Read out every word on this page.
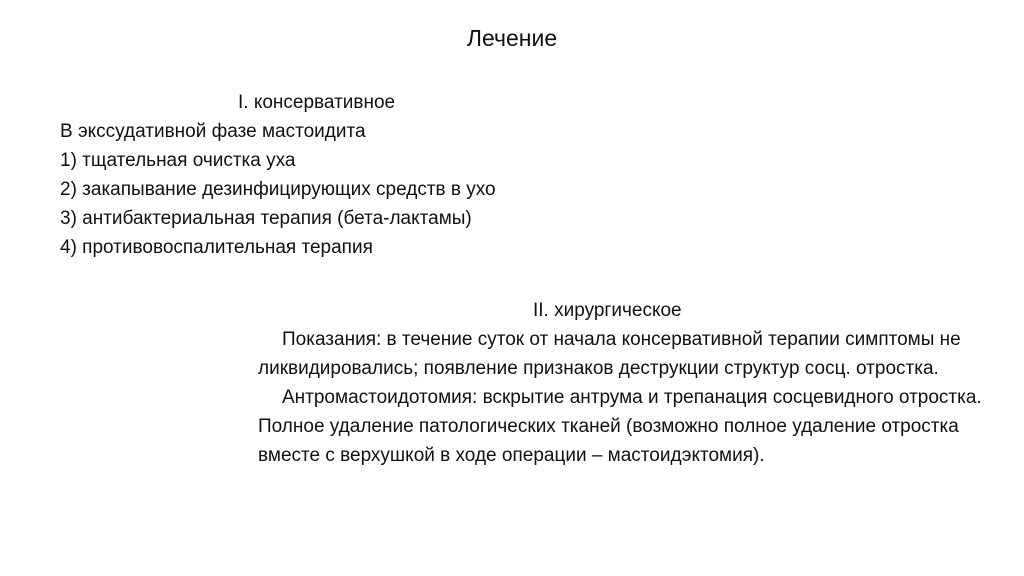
Лечение
I. консервативное
В экссудативной фазе мастоидита
1) тщательная очистка уха
2) закапывание дезинфицирующих средств в ухо
3) антибактериальная терапия (бета-лактамы)
4) противовоспалительная терапия
II. хирургическое

Показания: в течение суток от начала консервативной терапии симптомы не ликвидировались; появление признаков деструкции структур сосц. отростка.

Антромастоидотомия: вскрытие антрума и трепанация сосцевидного отростка. Полное удаление патологических тканей (возможно полное удаление отростка вместе с верхушкой в ходе операции – мастоидэктомия).
